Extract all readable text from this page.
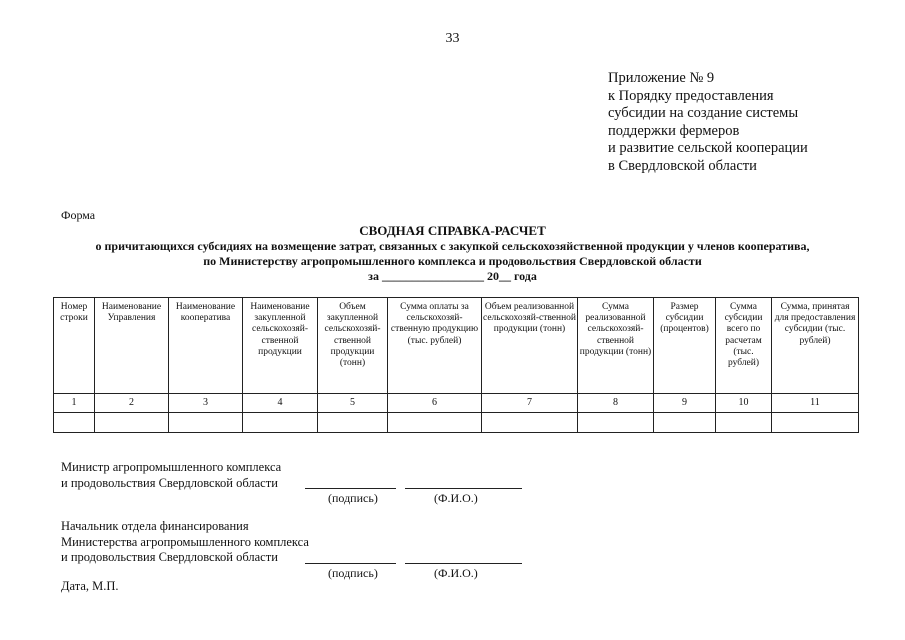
33
Приложение № 9
к Порядку предоставления
субсидии на создание системы
поддержки фермеров
и развитие сельской кооперации
в Свердловской области
Форма
СВОДНАЯ СПРАВКА-РАСЧЕТ
о причитающихся субсидиях на возмещение затрат, связанных с закупкой сельскохозяйственной продукции у членов кооператива,
по Министерству агропромышленного комплекса и продовольствия Свердловской области
за _________________ 20__ года
Номер строки	Наименование Управления	Наименование кооператива	Наименование закупленной сельскохозяй-ственной продукции	Объем закупленной сельскохозяй-ственной продукции (тонн)	Сумма оплаты за сельскохозяй-ственную продукцию (тыс. рублей)	Объем реализованной сельскохозяй-ственной продукции (тонн)	Сумма реализованной сельскохозяй-ственной продукции (тонн)	Размер субсидии (процентов)	Сумма субсидии всего по расчетам (тыс. рублей)	Сумма, принятая для предоставления субсидии (тыс. рублей)
1	2	3	4	5	6	7	8	9	10	11

Министр агропромышленного комплекса
и продовольствия Свердловской области
(подпись)	(Ф.И.О.)
Начальник отдела финансирования
Министерства агропромышленного комплекса
и продовольствия Свердловской области
(подпись)	(Ф.И.О.)
Дата, М.П.
